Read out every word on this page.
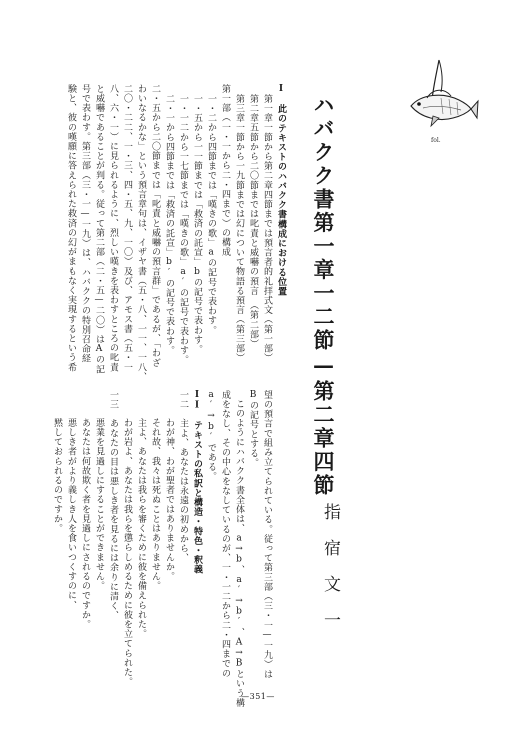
fol.
ハバクク書第一章一二節—第二章四節
指宿文一
I　此のテキストのハバクク書構成における位置
第一章一節から第二章四節までは預言者的礼拝式文（第一部）
第二章五節から二〇節までは叱責と威嚇の預言　（第二部）
第三章一節から一九節までは幻について物語る預言（第三部）
第一部（一・一から二・四まで）の構成
一・二から四節までは「嘆きの歌」aの記号で表わす。
一・五から一一節までは「救済の託宣」bの記号で表わす。
一・一二から一七節までは「嘆きの歌」a′の記号で表わす。
二・一から四節までは「救済の託宣」b′の記号で表わす。
二・五から二〇節までは「叱責と威嚇の預言群」であるが、「わざ
わいなるかな」という預言章句は、イザヤ書（五・八、一一、一八、
二〇・二二、一・三、四・五、九、一〇）及び、アモス書（五・一
八、六・一）に見られるように、烈しい嘆きを表わすところの叱責
と威嚇であることが判る。従って第二部（二・五—二〇）はAの記
号で表わす。第三部（三・一—一九）は、ハバククの特別召命経
験と、彼の嘆願に答えられた救済の幻がまもなく実現するという希
望の預言で組み立てられている。従って第三部（三・一—一九）は
Bの記号とする。
このようにハバクク書全体は、a→b、a′→b′、A→Bという構
成をなし、その中心をなしているのが、一・一二から二・四までの
a′→b′である。
II　テキストの私訳と構造・特色・釈義
一二　主よ、あなたは永遠の初めから、
わが神、わが聖者ではありませんか。
それ故、我々は死ぬことはありません。
主よ、あなたは我らを審くために彼を備えられた。
わが岩よ、あなたは我らを懲らしめるために彼を立てられた。
一三　あなたの目は悪しき者を見るには余りに清く、
悪業を見過しにすることができません。
あなたは何故欺く者を見過しにされるのですか。
悪しき者がより義しき人を食いつくすのに、
黙しておられるのですか。
—351—
